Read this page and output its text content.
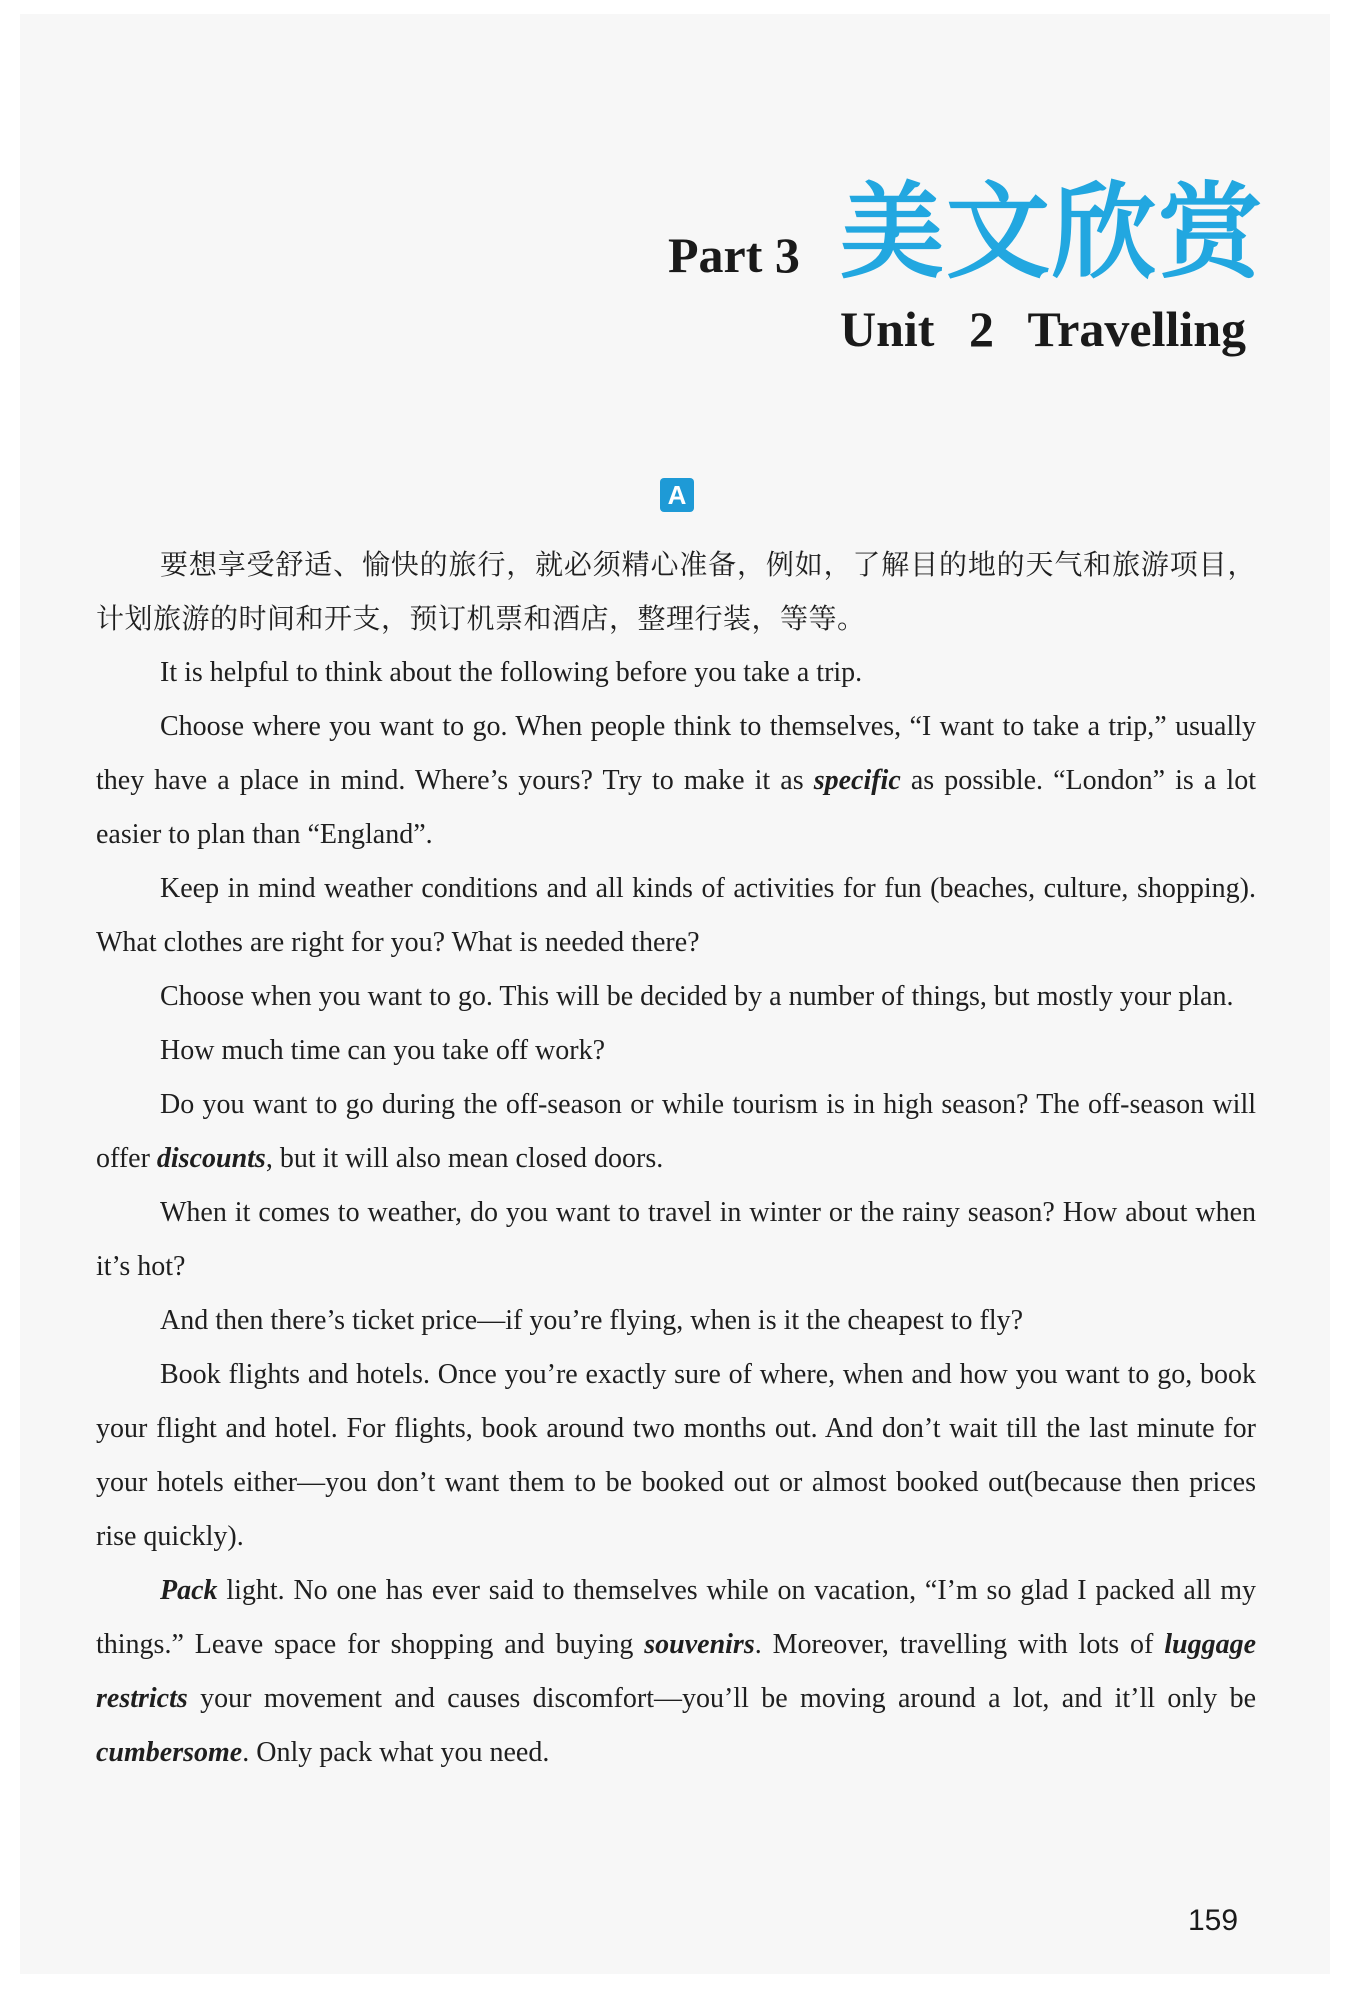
Part 3 美文欣赏
Unit 2 Travelling
A

要想享受舒适、愉快的旅行，就必须精心准备，例如，了解目的地的天气和旅游项目，计划旅游的时间和开支，预订机票和酒店，整理行装，等等。

It is helpful to think about the following before you take a trip.

Choose where you want to go. When people think to themselves, “I want to take a trip,” usually they have a place in mind. Where’s yours? Try to make it as specific as possible. “London” is a lot easier to plan than “England”.

Keep in mind weather conditions and all kinds of activities for fun (beaches, culture, shopping). What clothes are right for you? What is needed there?

Choose when you want to go. This will be decided by a number of things, but mostly your plan.

How much time can you take off work?

Do you want to go during the off-season or while tourism is in high season? The off-season will offer discounts, but it will also mean closed doors.

When it comes to weather, do you want to travel in winter or the rainy season? How about when it’s hot?

And then there’s ticket price—if you’re flying, when is it the cheapest to fly?

Book flights and hotels. Once you’re exactly sure of where, when and how you want to go, book your flight and hotel. For flights, book around two months out. And don’t wait till the last minute for your hotels either—you don’t want them to be booked out or almost booked out(because then prices rise quickly).

Pack light. No one has ever said to themselves while on vacation, “I’m so glad I packed all my things.” Leave space for shopping and buying souvenirs. Moreover, travelling with lots of luggage restricts your movement and causes discomfort—you’ll be moving around a lot, and it’ll only be cumbersome. Only pack what you need.

159
